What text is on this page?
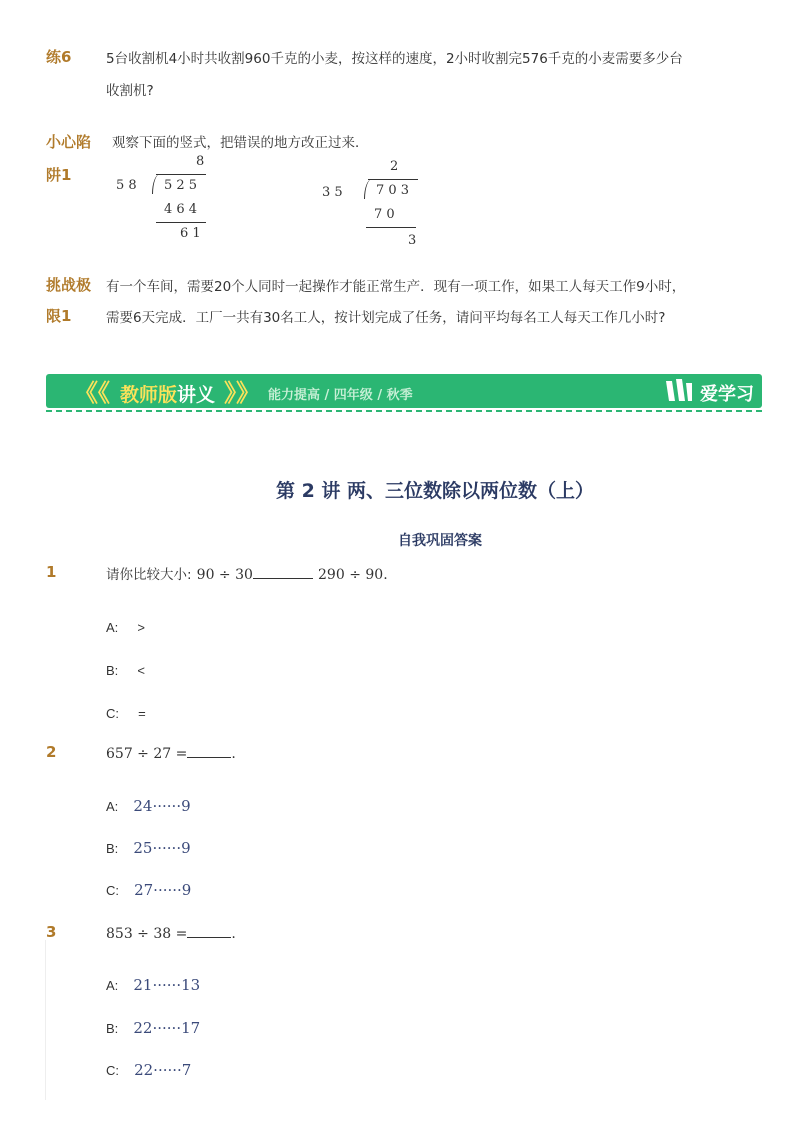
练6	5台收割机4小时共收割960千克的小麦，按这样的速度，2小时收割完576千克的小麦需要多少台
收割机?
小心陷
阱1
观察下面的竖式，把错误的地方改正过来．
8
5 8 5 2 5
4 6 4
6 1
2
3 5	7 0 3
7 0
3
挑战极
限1
有一个车间，需要20个人同时一起操作才能正常生产．现有一项工作，如果工人每天工作9小时，
需要6天完成．工厂一共有30名工人，按计划完成了任务，请问平均每名工人每天工作几小时?
《《	》》
教师版讲义	能力提高 / 四年级 / 秋季	爱学习
第 2 讲 两、三位数除以两位数（上）
自我巩固答案
1	请你比较大小: 90 ÷ 30	290 ÷ 90.
A: >
B: <
C: =
2	657 ÷ 27 =	.
A: 24······9
B: 25······9
C: 27······9
3	853 ÷ 38 =	.
A: 21······13
B: 22······17
C: 22······7
